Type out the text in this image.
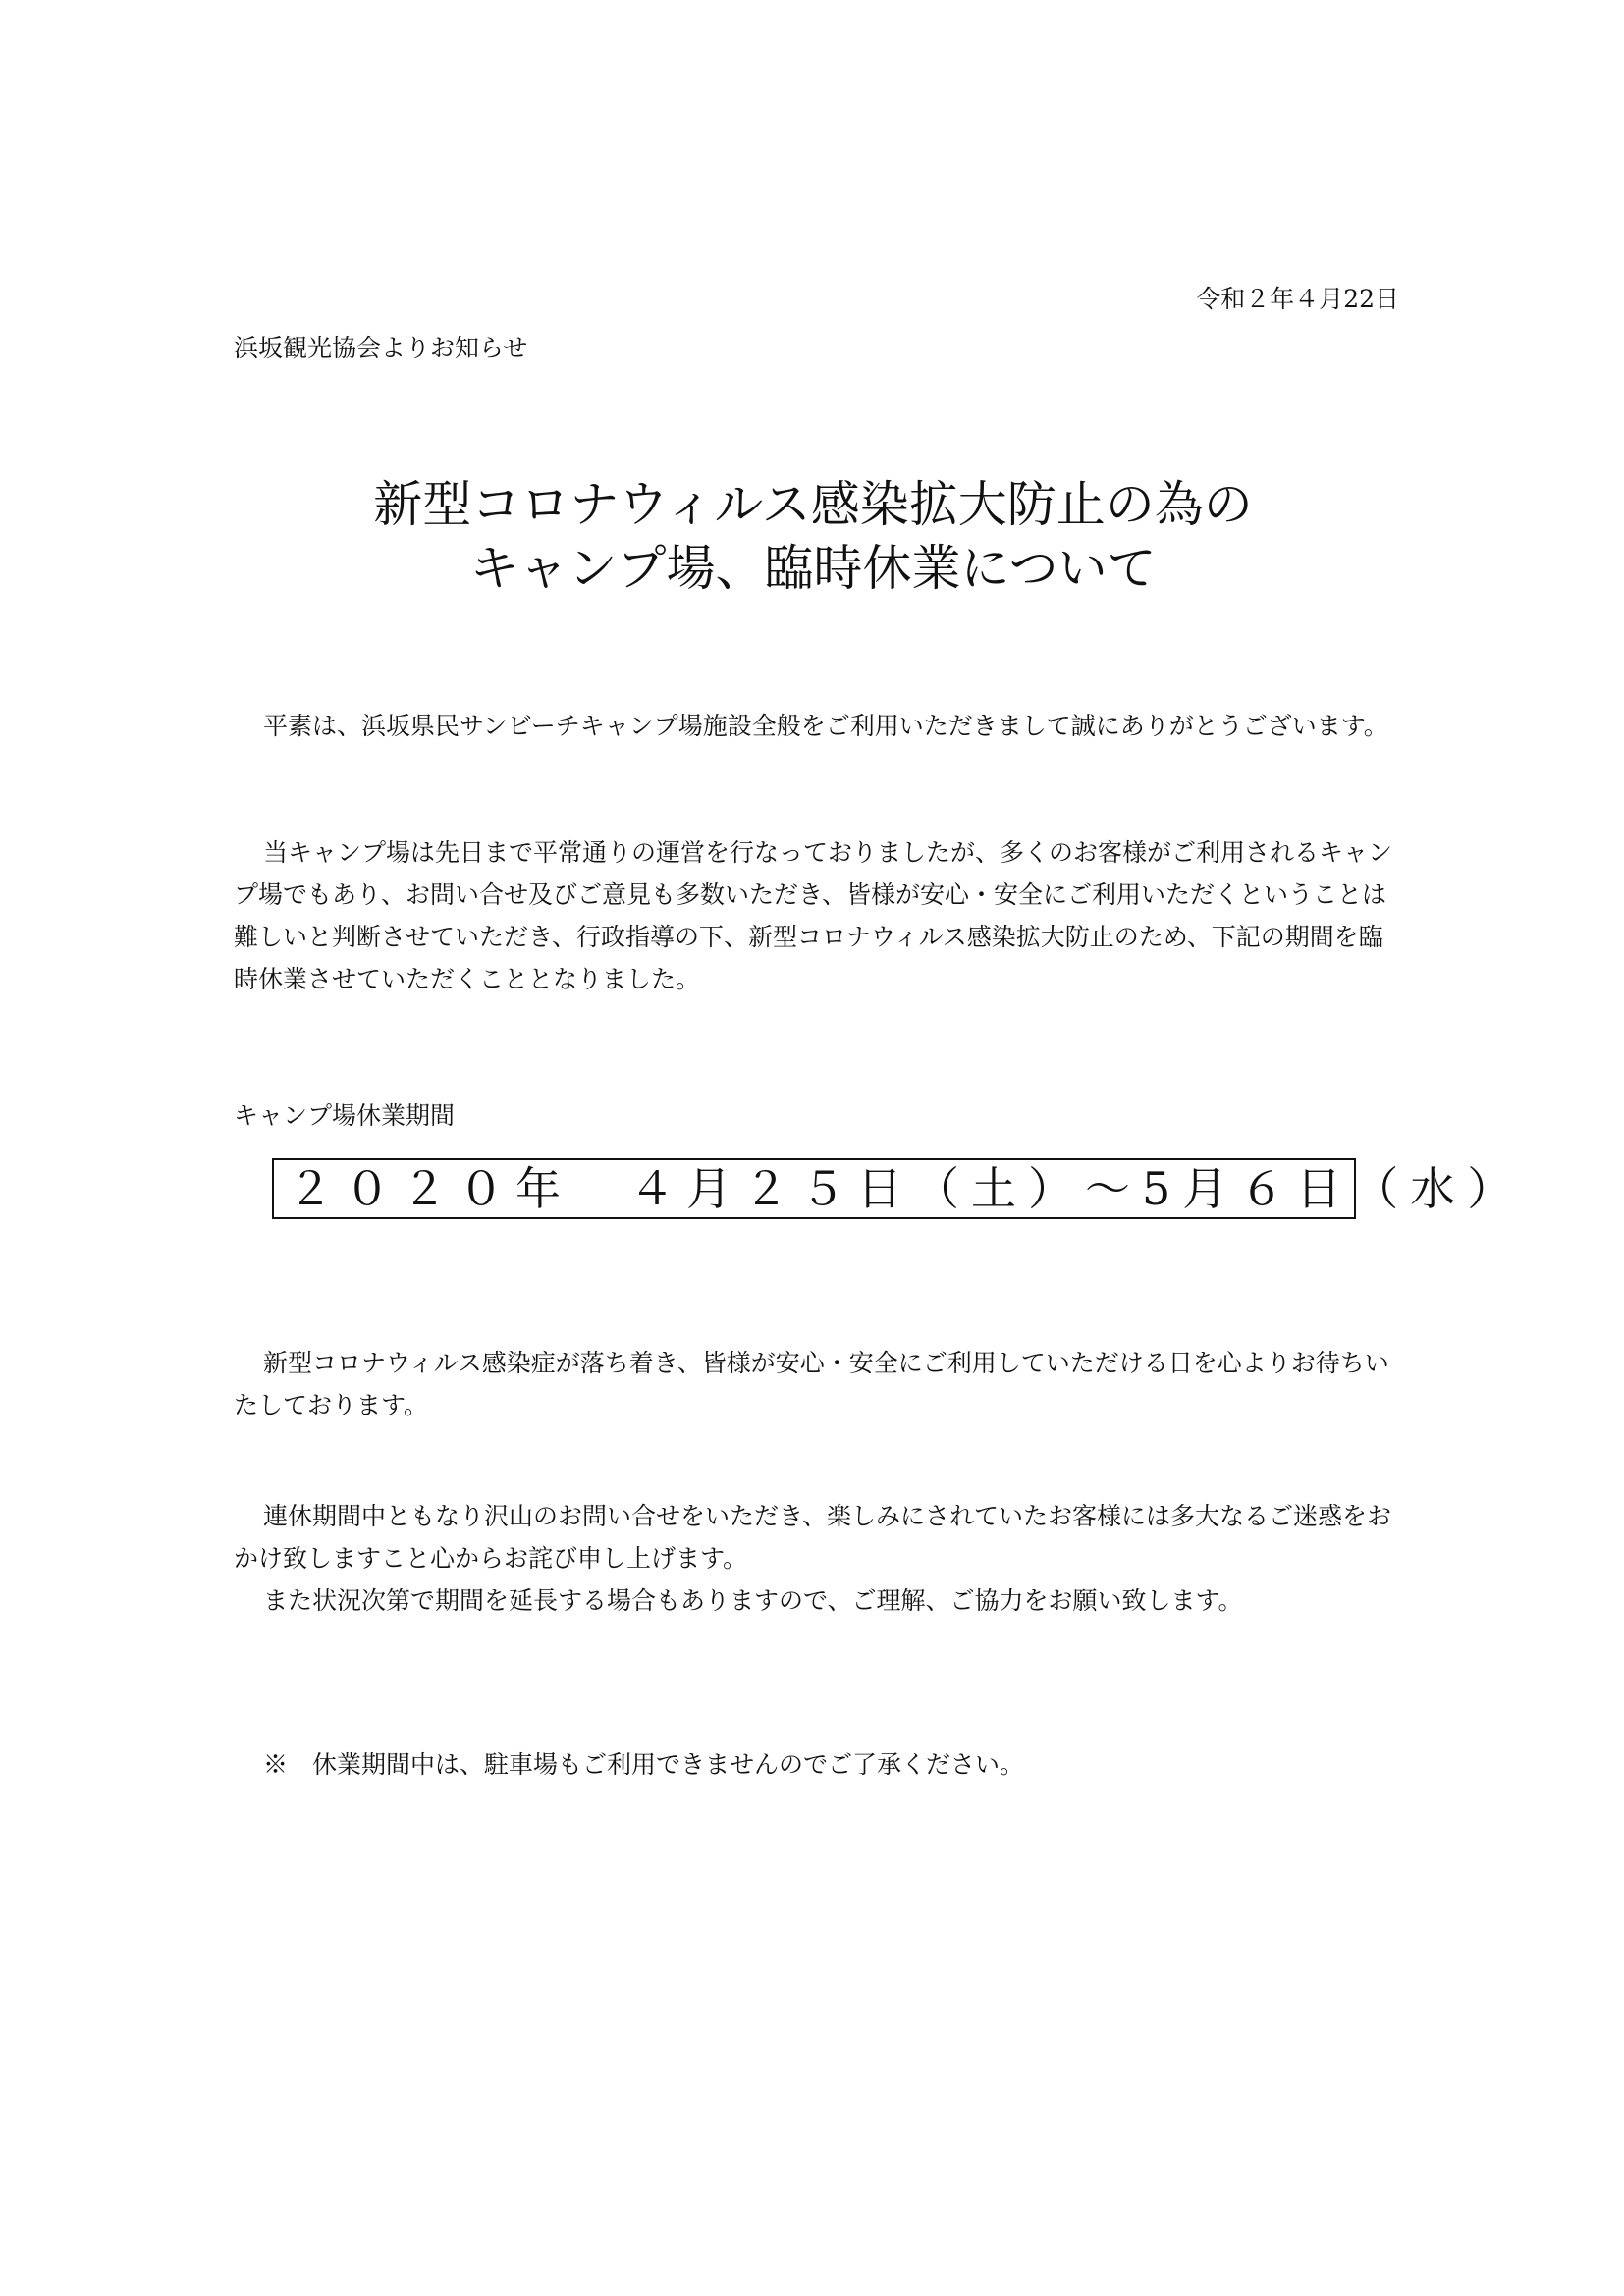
令和２年４月22日
浜坂観光協会よりお知らせ
新型コロナウィルス感染拡大防止の為の
キャンプ場、臨時休業について

平素は、浜坂県民サンビーチキャンプ場施設全般をご利用いただきまして誠にありがとうございます。

当キャンプ場は先日まで平常通りの運営を行なっておりましたが、多くのお客様がご利用されるキャンプ場でもあり、お問い合せ及びご意見も多数いただき、皆様が安心・安全にご利用いただくということは難しいと判断させていただき、行政指導の下、新型コロナウィルス感染拡大防止のため、下記の期間を臨時休業させていただくこととなりました。

キャンプ場休業期間
２０２０年　４月２５日（土）～5月６日（水）

新型コロナウィルス感染症が落ち着き、皆様が安心・安全にご利用していただける日を心よりお待ちいたしております。

連休期間中ともなり沢山のお問い合せをいただき、楽しみにされていたお客様には多大なるご迷惑をおかけ致しますこと心からお詫び申し上げます。

また状況次第で期間を延長する場合もありますので、ご理解、ご協力をお願い致します。

※　休業期間中は、駐車場もご利用できませんのでご了承ください。
